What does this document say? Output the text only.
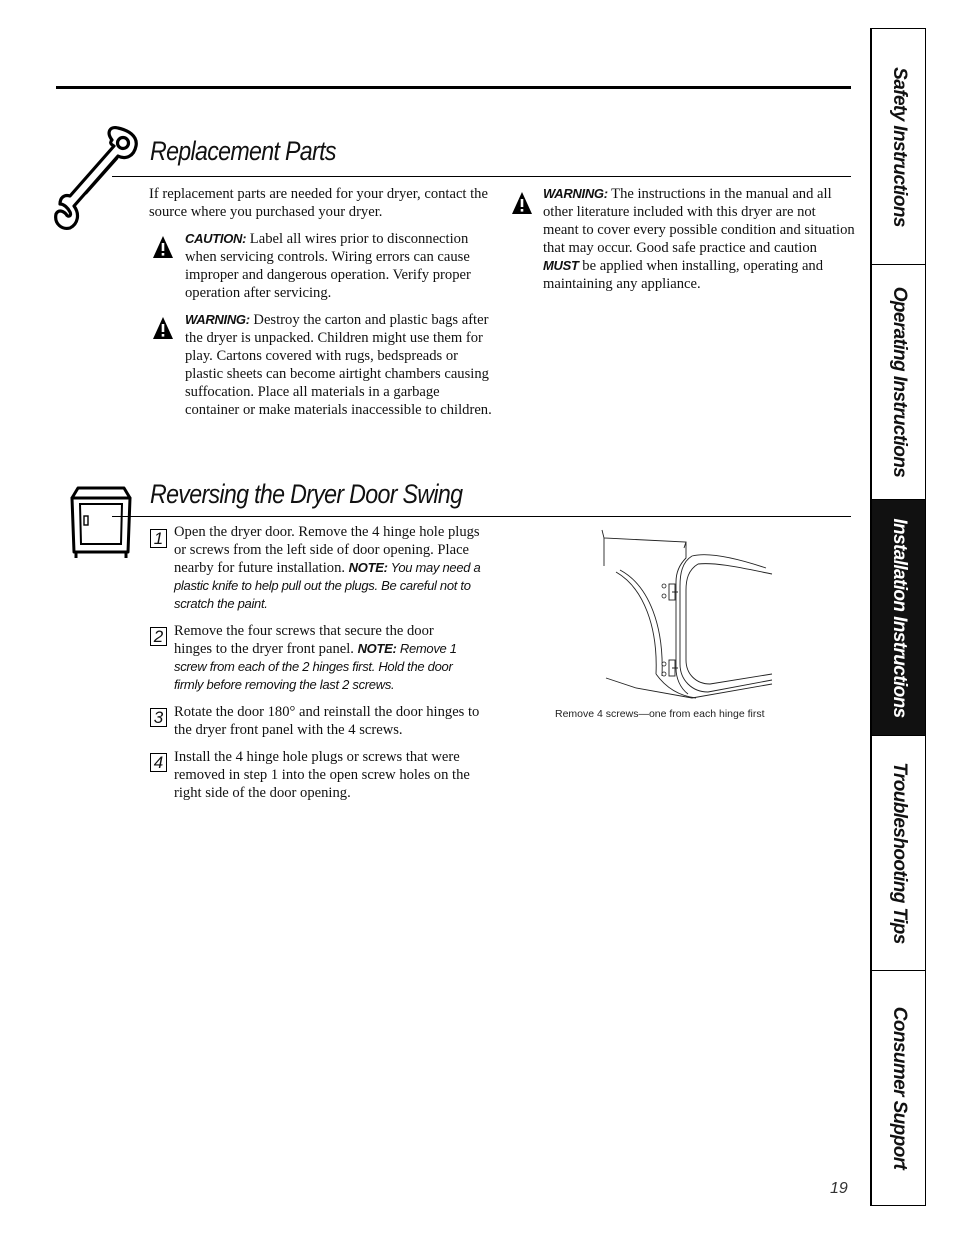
Replacement Parts
If replacement parts are needed for your dryer, contact the source where you purchased your dryer.
CAUTION: Label all wires prior to disconnection when servicing controls. Wiring errors can cause improper and dangerous operation. Verify proper operation after servicing.
WARNING: Destroy the carton and plastic bags after the dryer is unpacked. Children might use them for play. Cartons covered with rugs, bedspreads or plastic sheets can become airtight chambers causing suffocation. Place all materials in a garbage container or make materials inaccessible to children.
WARNING: The instructions in the manual and all other literature included with this dryer are not meant to cover every possible condition and situation that may occur. Good safe practice and caution MUST be applied when installing, operating and maintaining any appliance.
Reversing the Dryer Door Swing
1 Open the dryer door. Remove the 4 hinge hole plugs or screws from the left side of door opening. Place nearby for future installation. NOTE: You may need a plastic knife to help pull out the plugs. Be careful not to scratch the paint.
2 Remove the four screws that secure the door hinges to the dryer front panel. NOTE: Remove 1 screw from each of the 2 hinges first. Hold the door firmly before removing the last 2 screws.
3 Rotate the door 180° and reinstall the door hinges to the dryer front panel with the 4 screws.
4 Install the 4 hinge hole plugs or screws that were removed in step 1 into the open screw holes on the right side of the door opening.
Remove 4 screws—one from each hinge first
Safety Instructions
Operating Instructions
Installation Instructions
Troubleshooting Tips
Consumer Support
19
